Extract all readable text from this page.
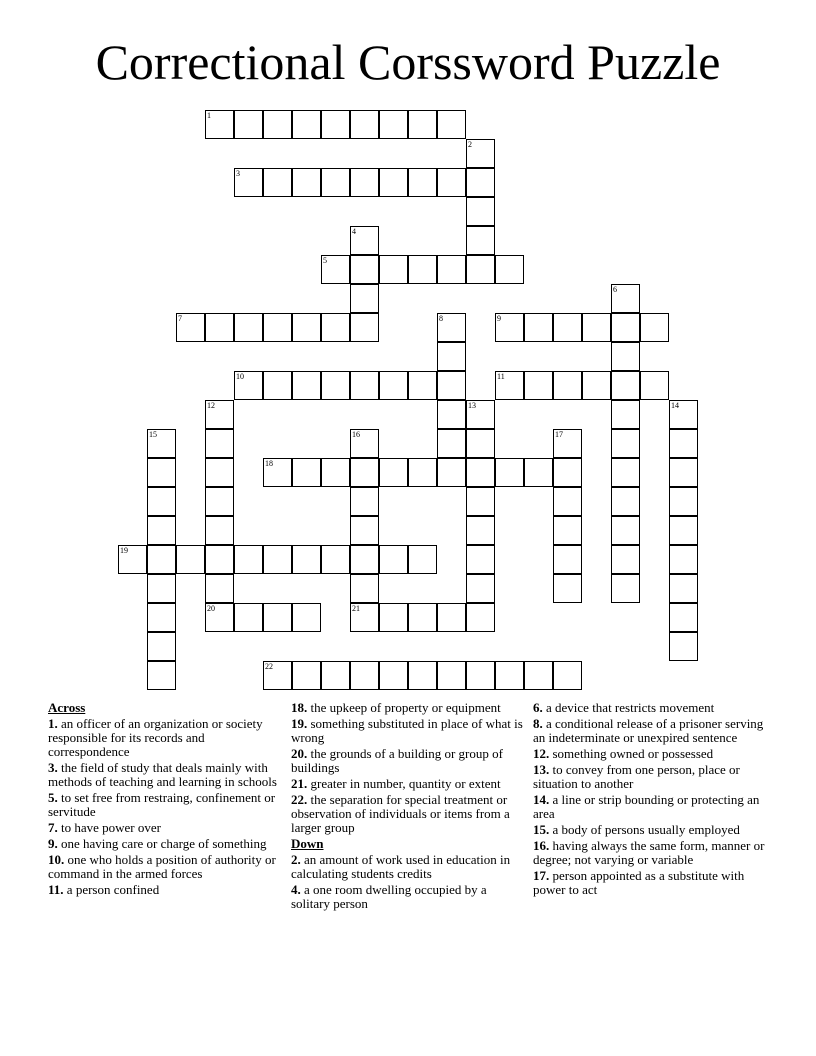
Correctional Corssword Puzzle
1
2
3
4
5
6
7	8	9
10	11
12
20
13	14
15	16
21
17
18
19
22
Across
1. an officer of an organization or society responsible for its records and correspondence
3. the field of study that deals mainly with methods of teaching and learning in schools
5. to set free from restraing, confinement or servitude
7. to have power over
9. one having care or charge of something
10. one who holds a position of authority or command in the armed forces
11. a person confined
18. the upkeep of property or equipment
19. something substituted in place of what is wrong
20. the grounds of a building or group of buildings
21. greater in number, quantity or extent
22. the separation for special treatment or observation of individuals or items from a larger group
Down
2. an amount of work used in education in calculating students credits
4. a one room dwelling occupied by a solitary person
6. a device that restricts movement
8. a conditional release of a prisoner serving an indeterminate or unexpired sentence
12. something owned or possessed
13. to convey from one person, place or situation to another
14. a line or strip bounding or protecting an area
15. a body of persons usually employed
16. having always the same form, manner or degree; not varying or variable
17. person appointed as a substitute with power to act
